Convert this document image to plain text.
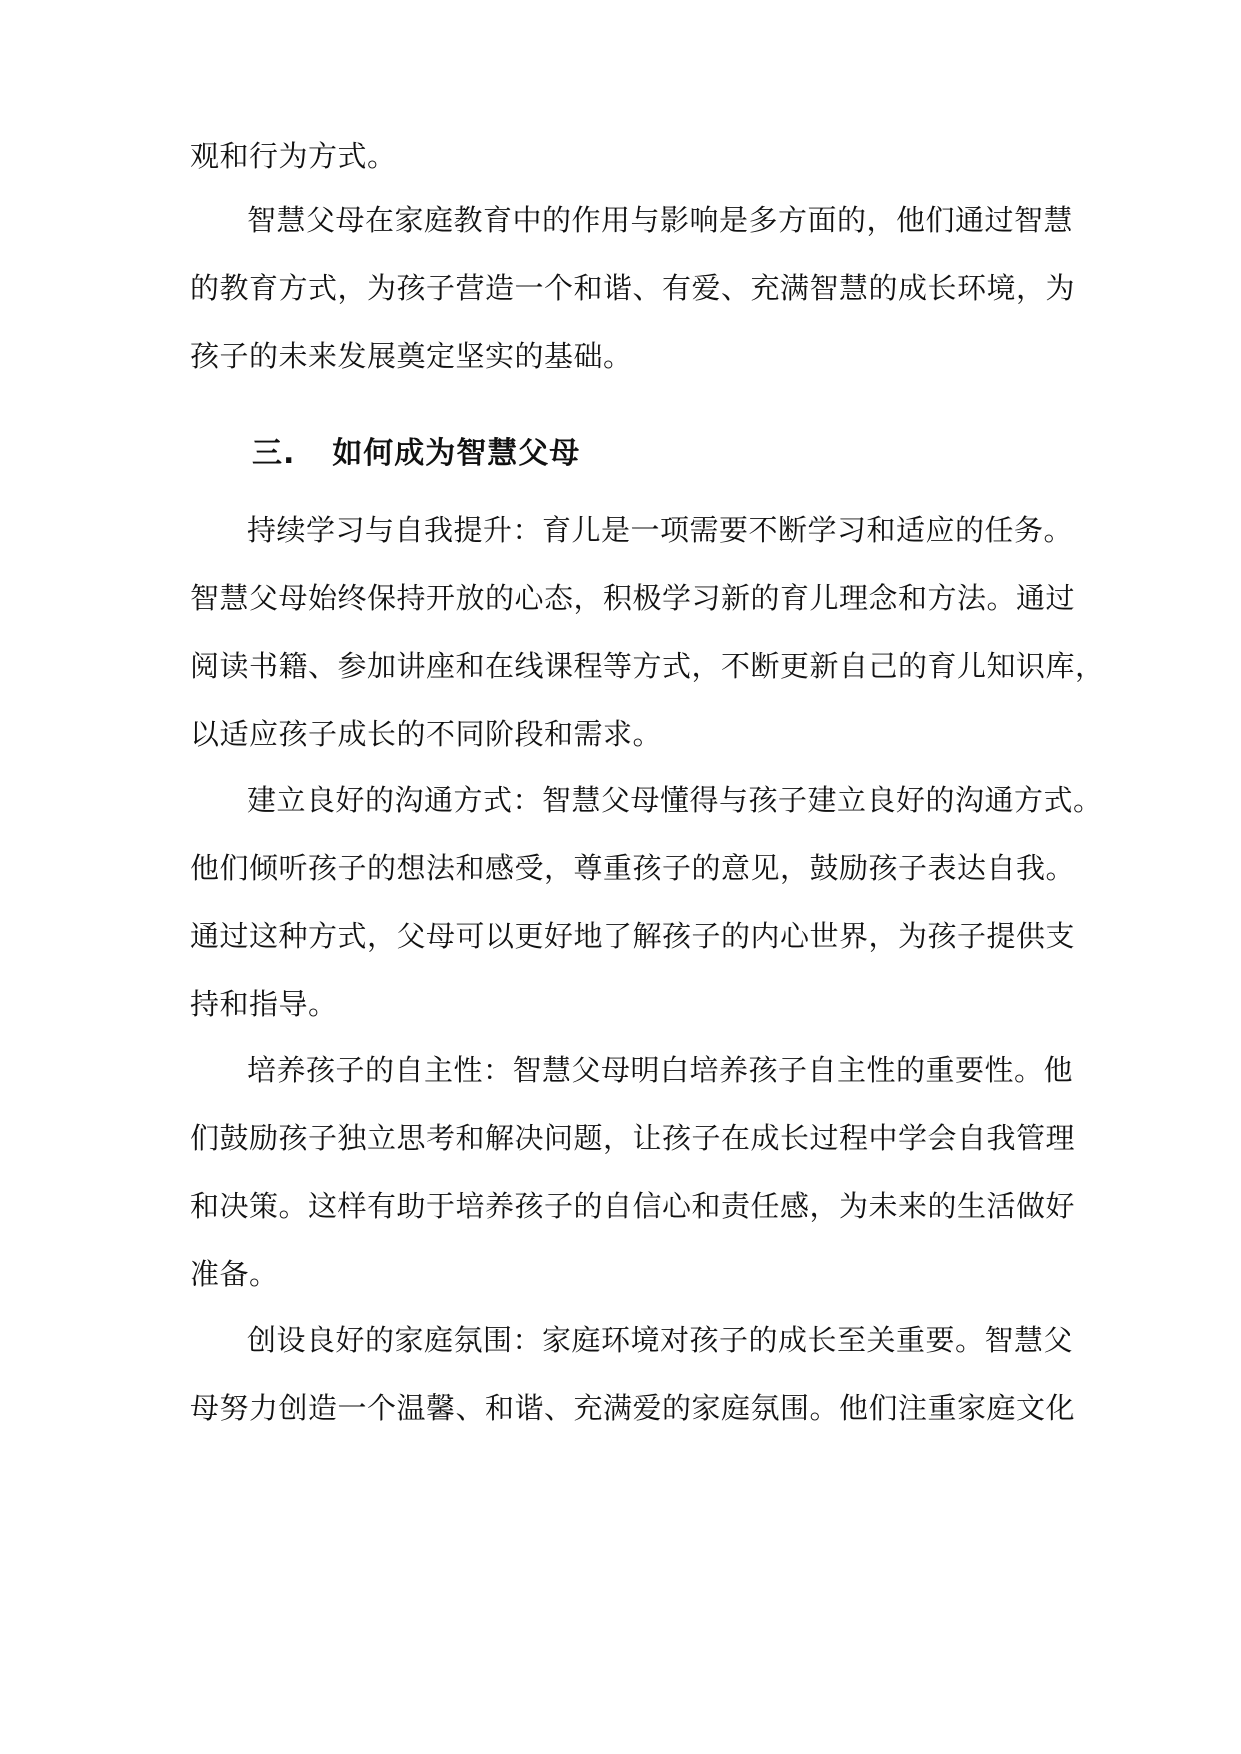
观和行为方式。
智慧父母在家庭教育中的作用与影响是多方面的，他们通过智慧
的教育方式，为孩子营造一个和谐、有爱、充满智慧的成长环境，为
孩子的未来发展奠定坚实的基础。
三. 如何成为智慧父母
持续学习与自我提升：育儿是一项需要不断学习和适应的任务。
智慧父母始终保持开放的心态，积极学习新的育儿理念和方法。通过
阅读书籍、参加讲座和在线课程等方式，不断更新自己的育儿知识库，
以适应孩子成长的不同阶段和需求。
建立良好的沟通方式：智慧父母懂得与孩子建立良好的沟通方式。
他们倾听孩子的想法和感受，尊重孩子的意见，鼓励孩子表达自我。
通过这种方式，父母可以更好地了解孩子的内心世界，为孩子提供支
持和指导。
培养孩子的自主性：智慧父母明白培养孩子自主性的重要性。他
们鼓励孩子独立思考和解决问题，让孩子在成长过程中学会自我管理
和决策。这样有助于培养孩子的自信心和责任感，为未来的生活做好
准备。
创设良好的家庭氛围：家庭环境对孩子的成长至关重要。智慧父
母努力创造一个温馨、和谐、充满爱的家庭氛围。他们注重家庭文化
